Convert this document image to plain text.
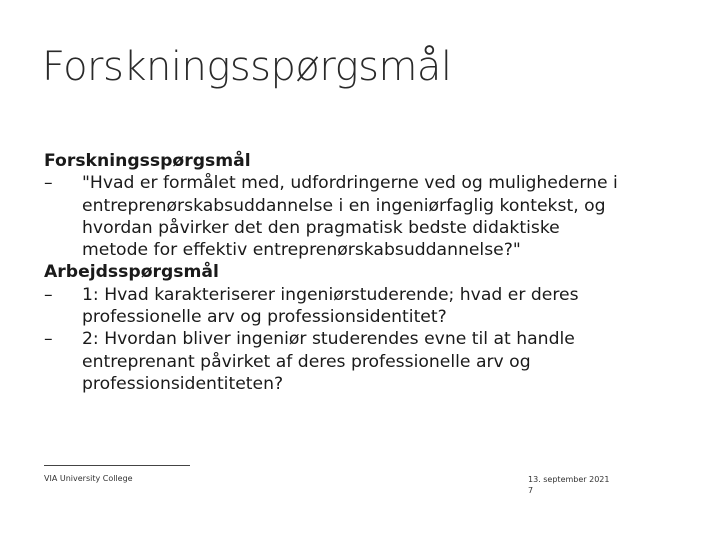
Forskningsspørgsmål

Forskningsspørgsmål

–	"Hvad er formålet med, udfordringerne ved og mulighederne i
entreprenørskabsuddannelse i en ingeniørfaglig kontekst, og
hvordan påvirker det den pragmatisk bedste didaktiske
metode for effektiv entreprenørskabsuddannelse?"

Arbejdsspørgsmål

–	1: Hvad karakteriserer ingeniørstuderende; hvad er deres
professionelle arv og professionsidentitet?
–	2: Hvordan bliver ingeniør studerendes evne til at handle
entreprenant påvirket af deres professionelle arv og
professionsidentiteten?
VIA University College	13. september 2021
7
